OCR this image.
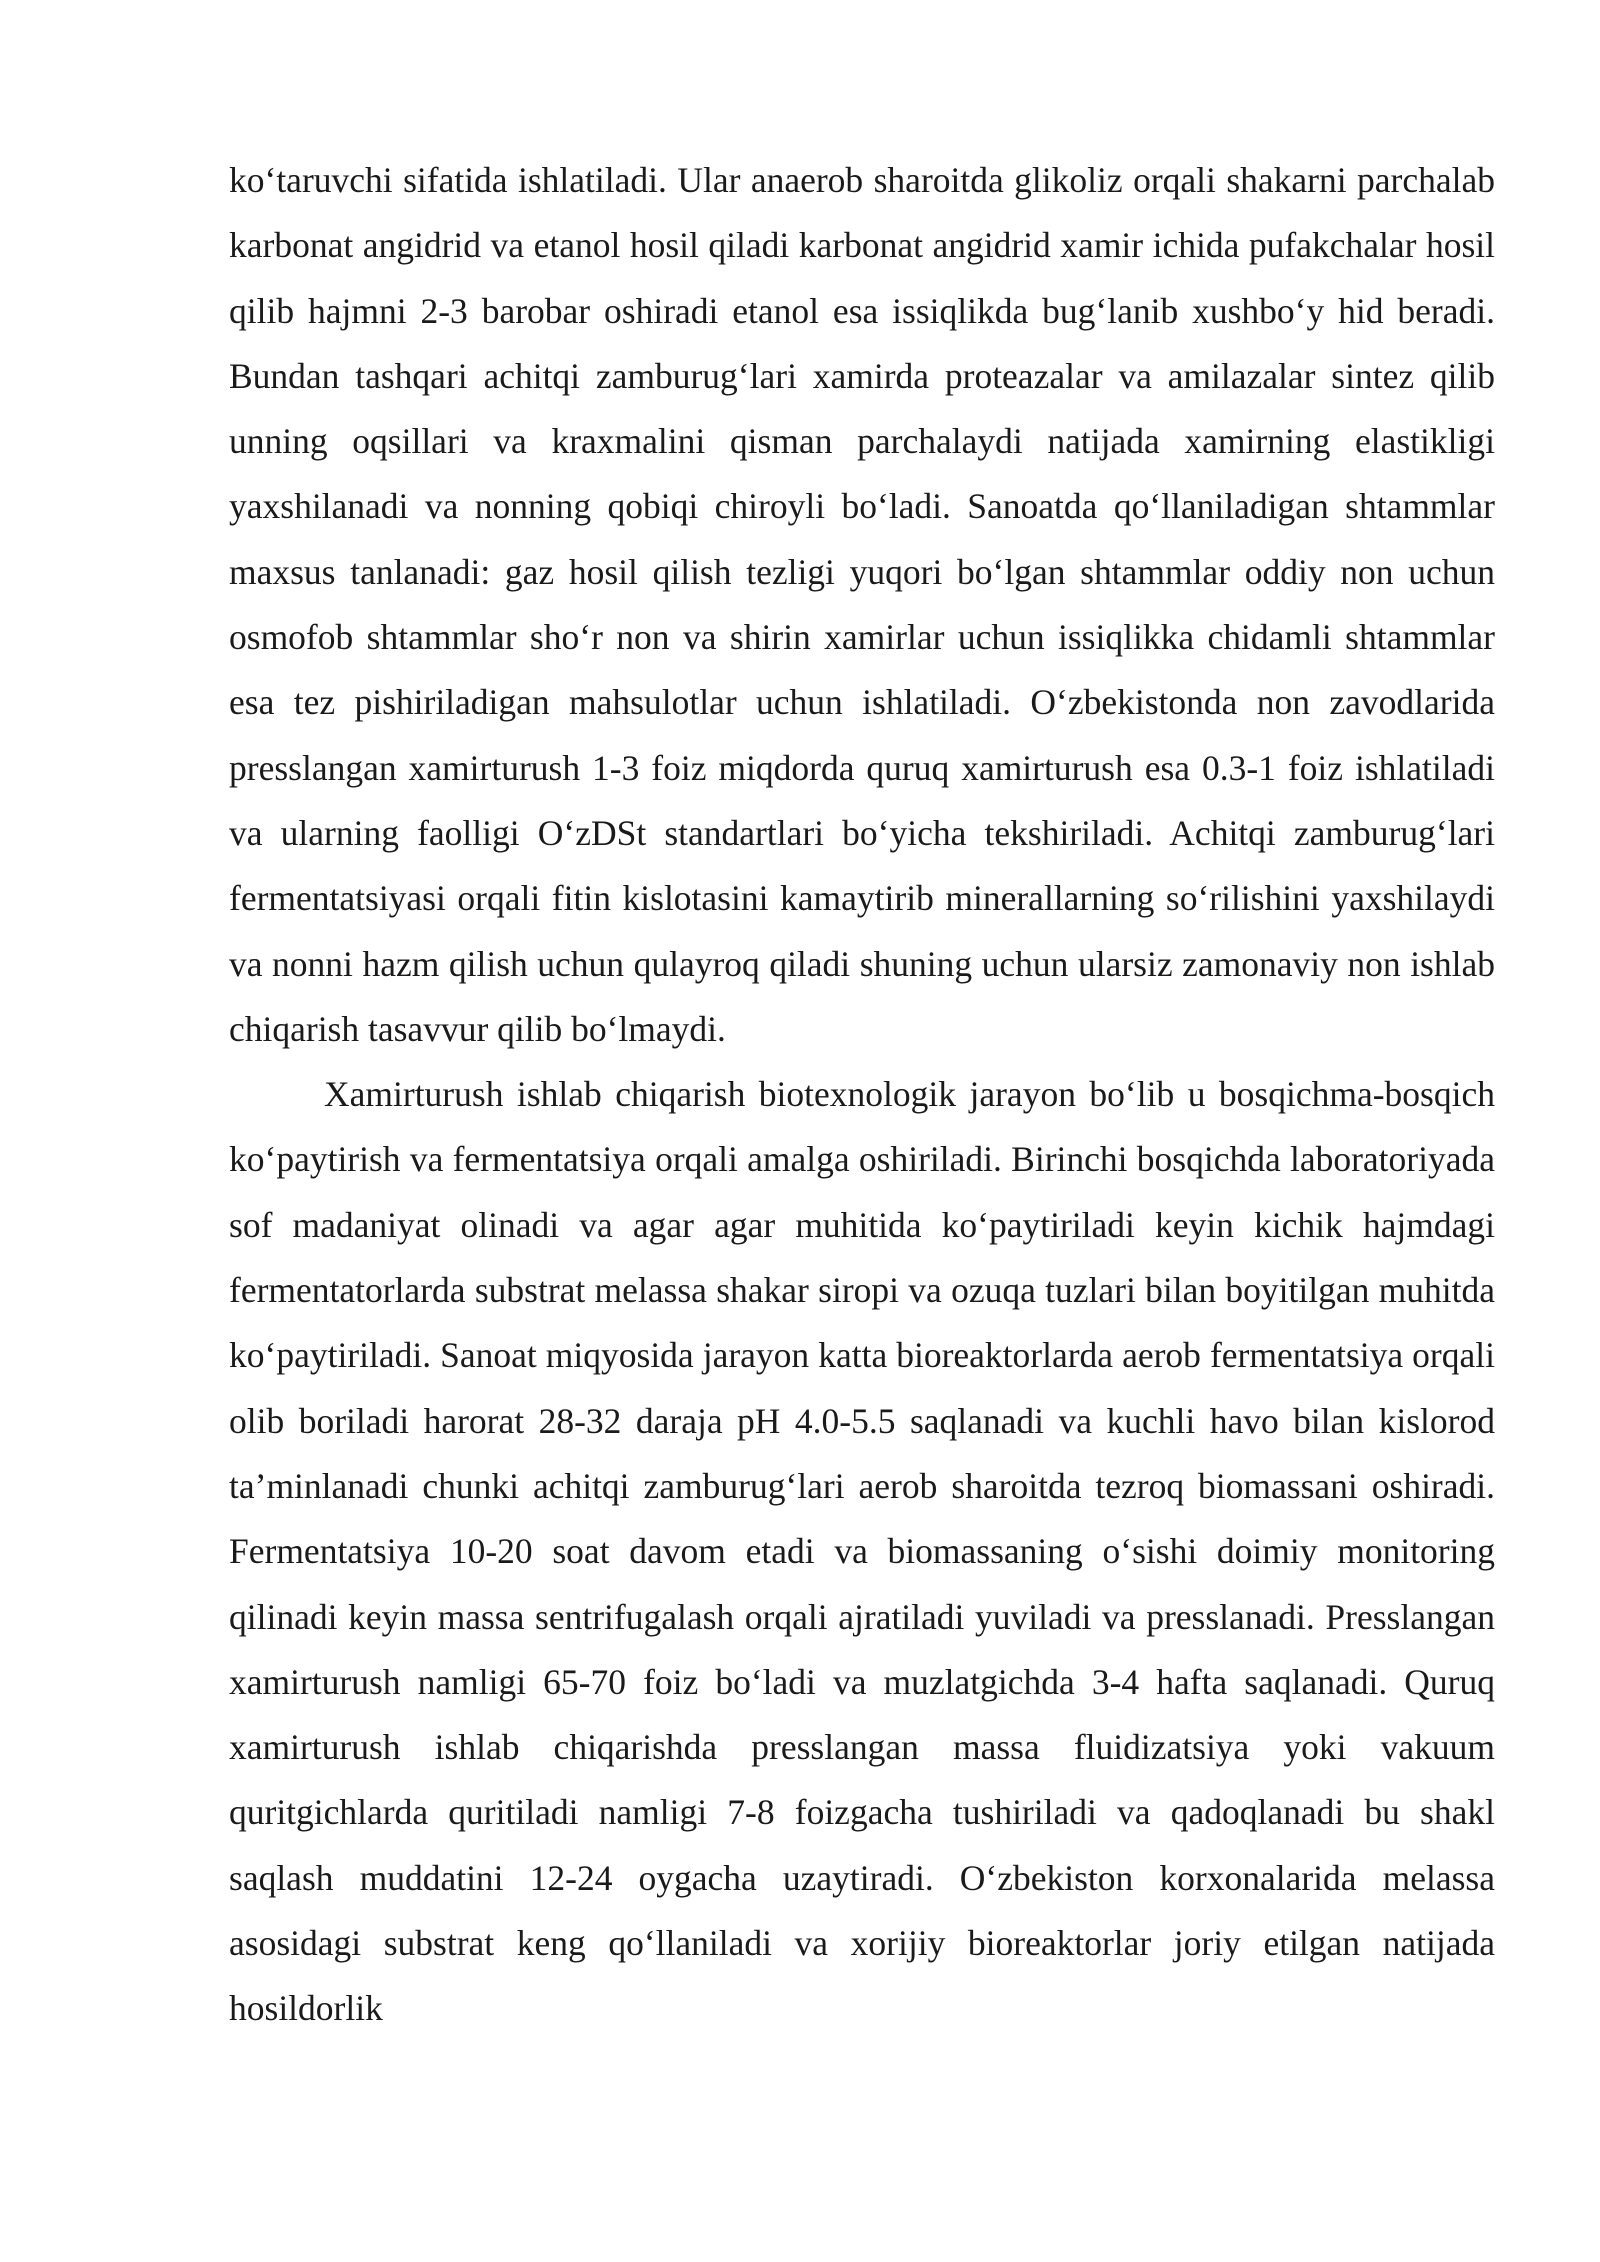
ko‘taruvchi sifatida ishlatiladi. Ular anaerob sharoitda glikoliz orqali shakarni parchalab karbonat angidrid va etanol hosil qiladi karbonat angidrid xamir ichida pufakchalar hosil qilib hajmni 2-3 barobar oshiradi etanol esa issiqlikda bug‘lanib xushbo‘y hid beradi. Bundan tashqari achitqi zamburug‘lari xamirda proteazalar va amilazalar sintez qilib unning oqsillari va kraxmalini qisman parchalaydi natijada xamirning elastikligi yaxshilanadi va nonning qobiqi chiroyli bo‘ladi. Sanoatda qo‘llaniladigan shtammlar maxsus tanlanadi: gaz hosil qilish tezligi yuqori bo‘lgan shtammlar oddiy non uchun osmofob shtammlar sho‘r non va shirin xamirlar uchun issiqlikka chidamli shtammlar esa tez pishiriladigan mahsulotlar uchun ishlatiladi. O‘zbekistonda non zavodlarida presslangan xamirturush 1-3 foiz miqdorda quruq xamirturush esa 0.3-1 foiz ishlatiladi va ularning faolligi O‘zDSt standartlari bo‘yicha tekshiriladi. Achitqi zamburug‘lari fermentatsiyasi orqali fitin kislotasini kamaytirib minerallarning so‘rilishini yaxshilaydi va nonni hazm qilish uchun qulayroq qiladi shuning uchun ularsiz zamonaviy non ishlab chiqarish tasavvur qilib bo‘lmaydi.

Xamirturush ishlab chiqarish biotexnologik jarayon bo‘lib u bosqichma-bosqich ko‘paytirish va fermentatsiya orqali amalga oshiriladi. Birinchi bosqichda laboratoriyada sof madaniyat olinadi va agar agar muhitida ko‘paytiriladi keyin kichik hajmdagi fermentatorlarda substrat melassa shakar siropi va ozuqa tuzlari bilan boyitilgan muhitda ko‘paytiriladi. Sanoat miqyosida jarayon katta bioreaktorlarda aerob fermentatsiya orqali olib boriladi harorat 28-32 daraja pH 4.0-5.5 saqlanadi va kuchli havo bilan kislorod ta’minlanadi chunki achitqi zamburug‘lari aerob sharoitda tezroq biomassani oshiradi. Fermentatsiya 10-20 soat davom etadi va biomassaning o‘sishi doimiy monitoring qilinadi keyin massa sentrifugalash orqali ajratiladi yuviladi va presslanadi. Presslangan xamirturush namligi 65-70 foiz bo‘ladi va muzlatgichda 3-4 hafta saqlanadi. Quruq xamirturush ishlab chiqarishda presslangan massa fluidizatsiya yoki vakuum quritgichlarda quritiladi namligi 7-8 foizgacha tushiriladi va qadoqlanadi bu shakl saqlash muddatini 12-24 oygacha uzaytiradi. O‘zbekiston korxonalarida melassa asosidagi substrat keng qo‘llaniladi va xorijiy bioreaktorlar joriy etilgan natijada hosildorlik
